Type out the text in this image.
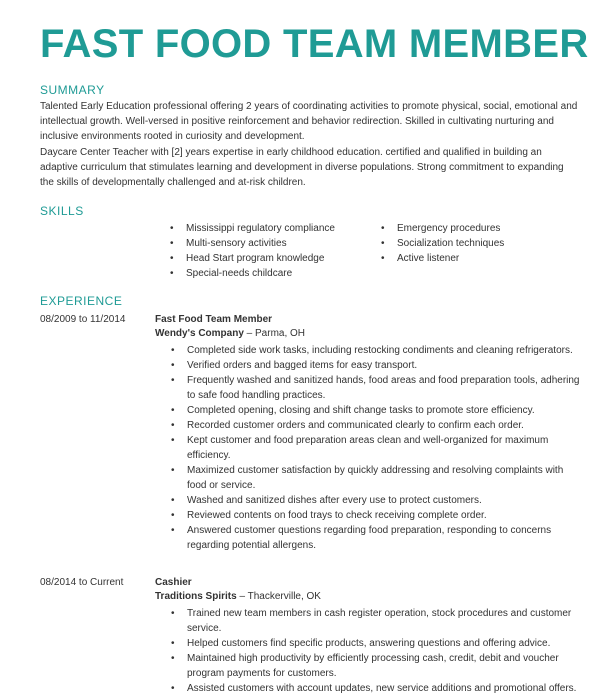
FAST FOOD TEAM MEMBER
SUMMARY

Talented Early Education professional offering 2 years of coordinating activities to promote physical, social, emotional and intellectual growth. Well-versed in positive reinforcement and behavior redirection. Skilled in cultivating nurturing and inclusive environments rooted in curiosity and development.

Daycare Center Teacher with [2] years expertise in early childhood education. certified and qualified in building an adaptive curriculum that stimulates learning and development in diverse populations. Strong commitment to expanding the skills of developmentally challenged and at-risk children.

SKILLS
• Mississippi regulatory compliance
• Multi-sensory activities
• Head Start program knowledge
• Special-needs childcare
• Emergency procedures
• Socialization techniques
• Active listener
EXPERIENCE
08/2009 to 11/2014	Fast Food Team Member
Wendy's Company – Parma, OH
• Completed side work tasks, including restocking condiments and cleaning refrigerators.
• Verified orders and bagged items for easy transport.
• Frequently washed and sanitized hands, food areas and food preparation tools, adhering to safe food handling practices.
• Completed opening, closing and shift change tasks to promote store efficiency.
• Recorded customer orders and communicated clearly to confirm each order.
• Kept customer and food preparation areas clean and well-organized for maximum efficiency.
• Maximized customer satisfaction by quickly addressing and resolving complaints with food or service.
• Washed and sanitized dishes after every use to protect customers.
• Reviewed contents on food trays to check receiving complete order.
• Answered customer questions regarding food preparation, responding to concerns regarding potential allergens.
08/2014 to Current	Cashier
Traditions Spirits – Thackerville, OK
• Trained new team members in cash register operation, stock procedures and customer service.
• Helped customers find specific products, answering questions and offering advice.
• Maintained high productivity by efficiently processing cash, credit, debit and voucher program payments for customers.
• Assisted customers with account updates, new service additions and promotional offers.
